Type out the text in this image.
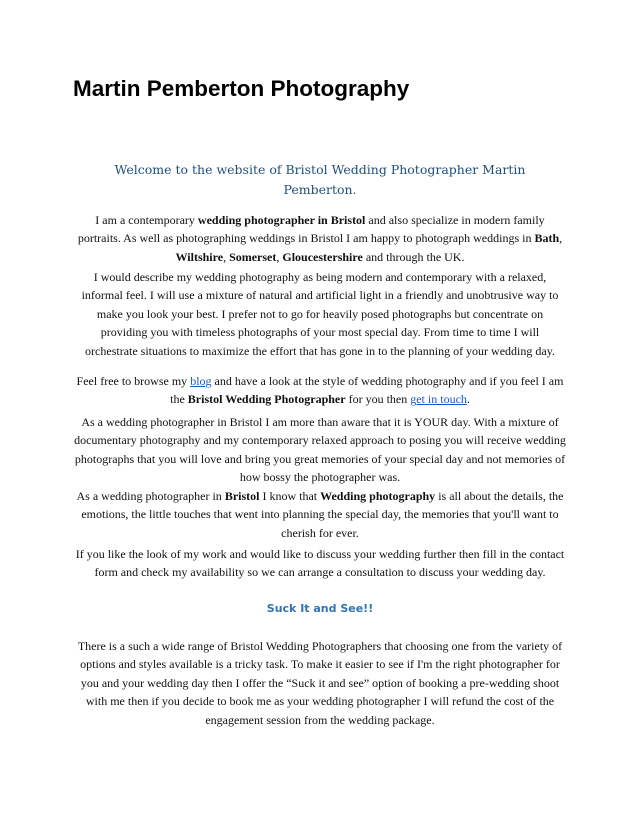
Martin Pemberton Photography
Welcome to the website of Bristol Wedding Photographer Martin Pemberton.

I am a contemporary wedding photographer in Bristol and also specialize in modern family portraits. As well as photographing weddings in Bristol I am happy to photograph weddings in Bath, Wiltshire, Somerset, Gloucestershire and through the UK.

I would describe my wedding photography as being modern and contemporary with a relaxed, informal feel. I will use a mixture of natural and artificial light in a friendly and unobtrusive way to make you look your best. I prefer not to go for heavily posed photographs but concentrate on providing you with timeless photographs of your most special day. From time to time I will orchestrate situations to maximize the effort that has gone in to the planning of your wedding day.

Feel free to browse my blog and have a look at the style of wedding photography and if you feel I am the Bristol Wedding Photographer for you then get in touch.

As a wedding photographer in Bristol I am more than aware that it is YOUR day. With a mixture of documentary photography and my contemporary relaxed approach to posing you will receive wedding photographs that you will love and bring you great memories of your special day and not memories of how bossy the photographer was.

As a wedding photographer in Bristol I know that Wedding photography is all about the details, the emotions, the little touches that went into planning the special day, the memories that you'll want to cherish for ever.

If you like the look of my work and would like to discuss your wedding further then fill in the contact form and check my availability so we can arrange a consultation to discuss your wedding day.

Suck It and See!!

There is a such a wide range of Bristol Wedding Photographers that choosing one from the variety of options and styles available is a tricky task. To make it easier to see if I'm the right photographer for you and your wedding day then I offer the “Suck it and see” option of booking a pre-wedding shoot with me then if you decide to book me as your wedding photographer I will refund the cost of the engagement session from the wedding package.
